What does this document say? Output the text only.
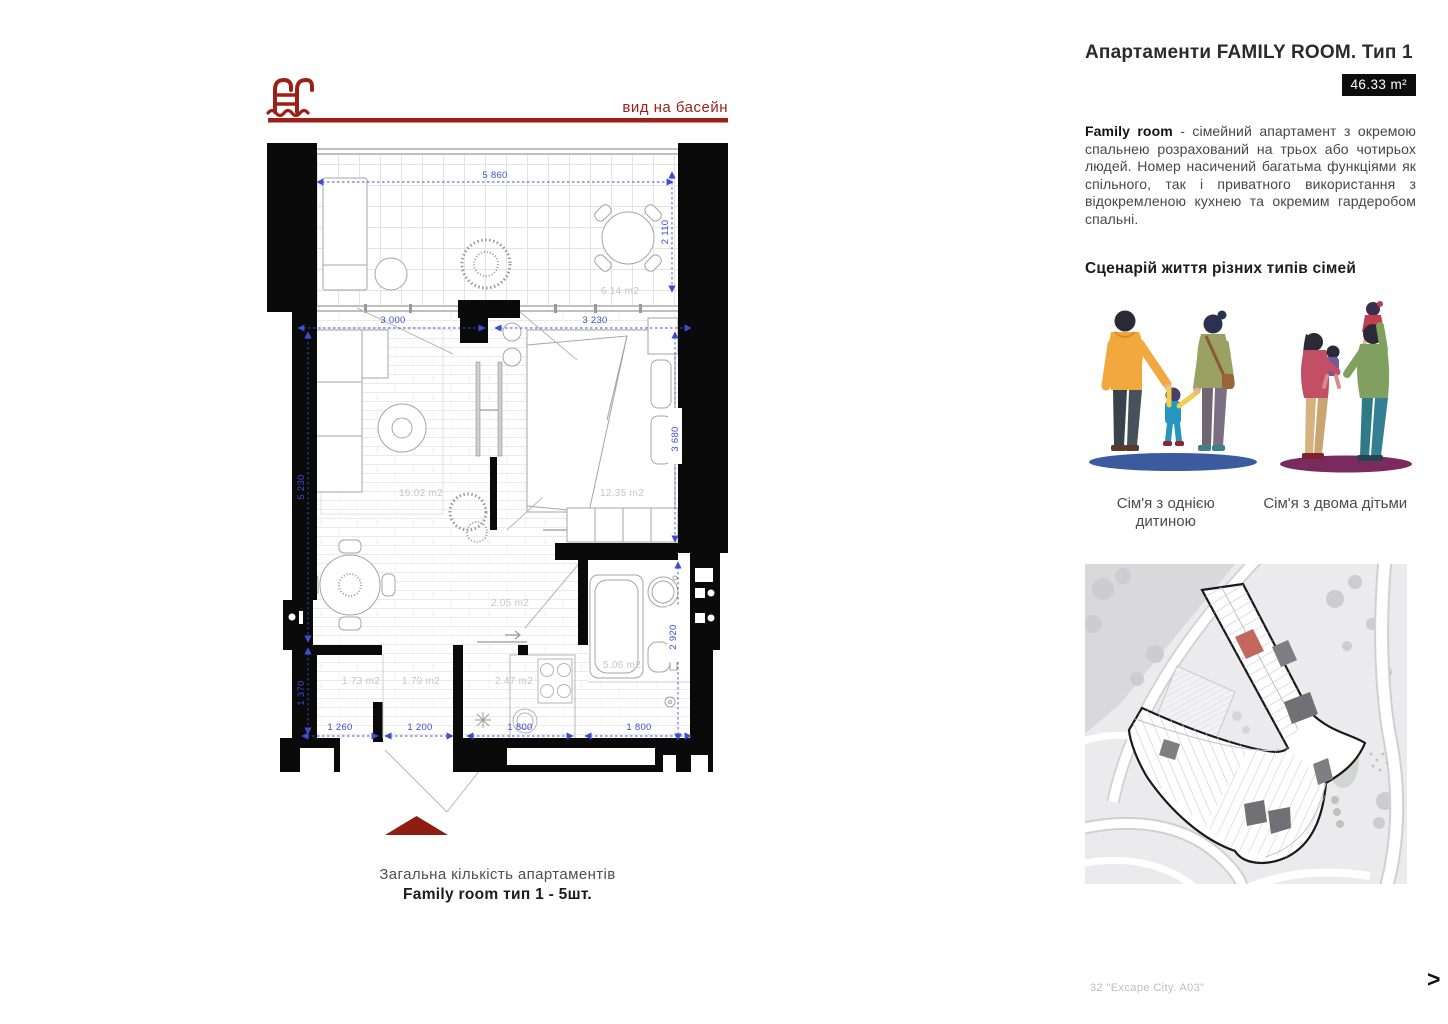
вид на басейн
5 860
2 110
3 000	3 230
5 230
3 680
1 370
1 260	1 200	1 800	1 800
2 920
6.14 m2
16.02 m2	12.35 m2
2.05 m2
1.73 m2 1.79 m2	2.47 m2
5.06 m2
Загальна кількість апартаментів
Family room тип 1 - 5шт.
Апартаменти FAMILY ROOM. Тип 1
46.33 m²

Family room - сімейний апартамент з окремою спальнею розрахований на трьох або чотирьох людей. Номер насичений багатьма функціями як спільного, так і приватного використання з відокремленою кухнею та окремим гардеробом спальні.

Сценарій життя різних типів сімей
Сім'я з однією дитиною
Сім'я з двома дітьми
32 "Excape City. A03"	>
